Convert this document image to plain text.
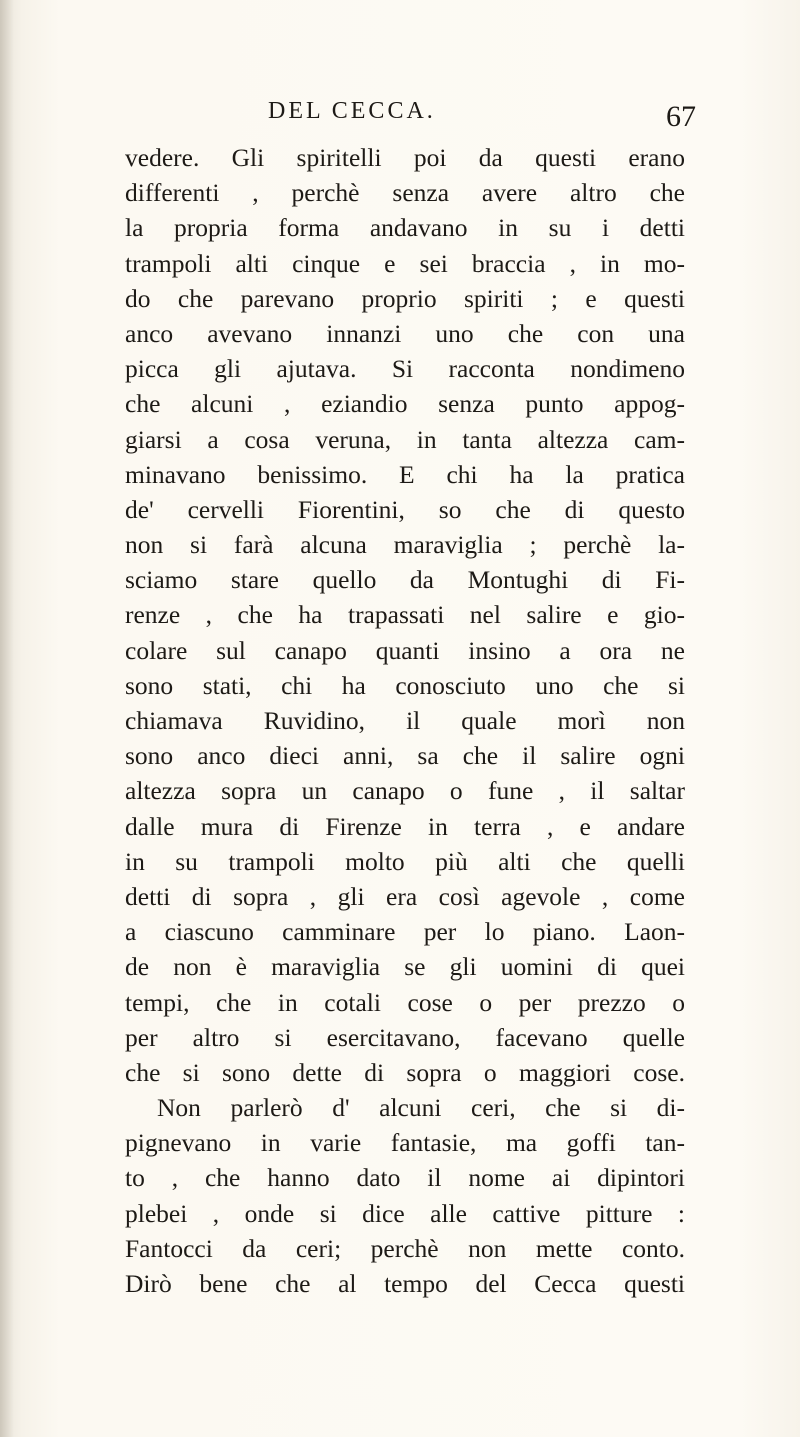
DEL CECCA.	67
vedere. Gli spiritelli poi da questi erano
differenti , perchè senza avere altro che
la propria forma andavano in su i detti
trampoli alti cinque e sei braccia , in mo-
do che parevano proprio spiriti ; e questi
anco avevano innanzi uno che con una
picca gli ajutava. Si racconta nondimeno
che alcuni , eziandio senza punto appog-
giarsi a cosa veruna, in tanta altezza cam-
minavano benissimo. E chi ha la pratica
de' cervelli Fiorentini, so che di questo
non si farà alcuna maraviglia ; perchè la-
sciamo stare quello da Montughi di Fi-
renze , che ha trapassati nel salire e gio-
colare sul canapo quanti insino a ora ne
sono stati, chi ha conosciuto uno che si
chiamava Ruvidino, il quale morì non
sono anco dieci anni, sa che il salire ogni
altezza sopra un canapo o fune , il saltar
dalle mura di Firenze in terra , e andare
in su trampoli molto più alti che quelli
detti di sopra , gli era così agevole , come
a ciascuno camminare per lo piano. Laon-
de non è maraviglia se gli uomini di quei
tempi, che in cotali cose o per prezzo o
per altro si esercitavano, facevano quelle
che si sono dette di sopra o maggiori cose.
Non parlerò d' alcuni ceri, che si di-
pignevano in varie fantasie, ma goffi tan-
to , che hanno dato il nome ai dipintori
plebei , onde si dice alle cattive pitture :
Fantocci da ceri; perchè non mette conto.
Dirò bene che al tempo del Cecca questi
